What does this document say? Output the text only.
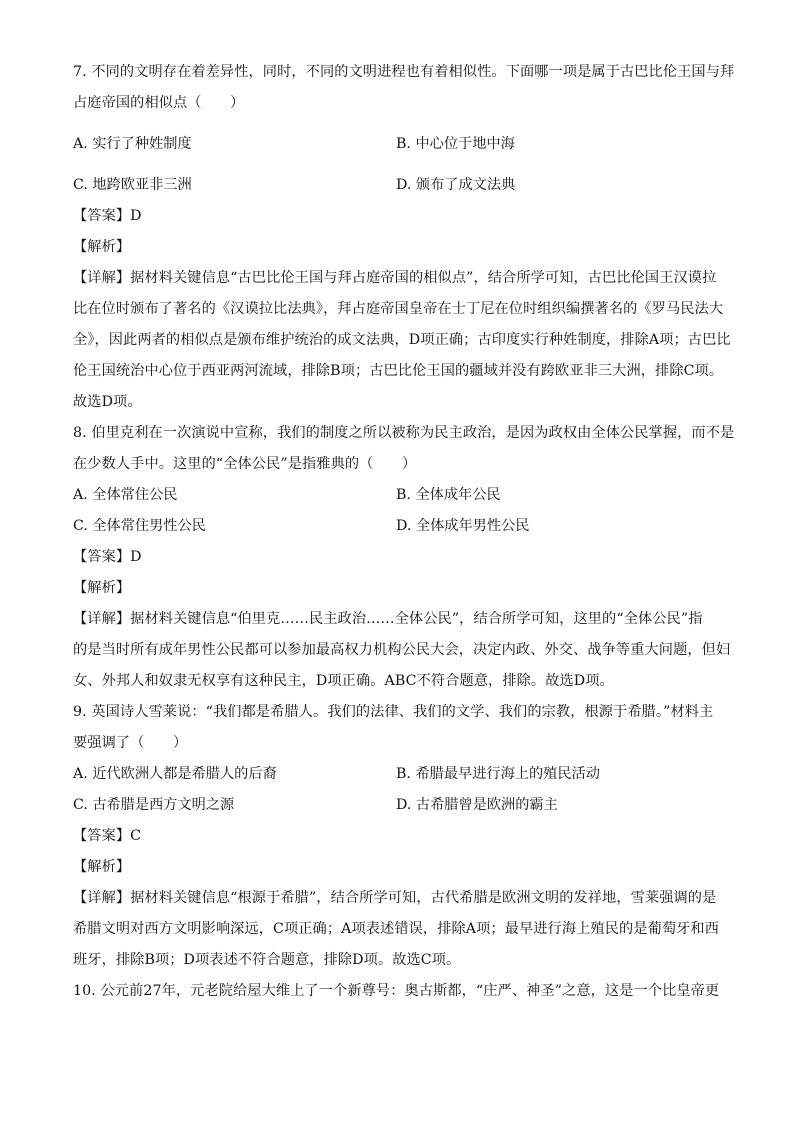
7. 不同的文明存在着差异性，同时，不同的文明进程也有着相似性。下面哪一项是属于古巴比伦王国与拜
占庭帝国的相似点（　　）
A. 实行了种姓制度	B. 中心位于地中海
C. 地跨欧亚非三洲	D. 颁布了成文法典
【答案】D
【解析】
【详解】据材料关键信息“古巴比伦王国与拜占庭帝国的相似点”，结合所学可知，古巴比伦国王汉谟拉
比在位时颁布了著名的《汉谟拉比法典》，拜占庭帝国皇帝在士丁尼在位时组织编撰著名的《罗马民法大
全》，因此两者的相似点是颁布维护统治的成文法典，D项正确；古印度实行种姓制度，排除A项；古巴比
伦王国统治中心位于西亚两河流域，排除B项；古巴比伦王国的疆域并没有跨欧亚非三大洲，排除C项。
故选D项。
8. 伯里克利在一次演说中宣称，我们的制度之所以被称为民主政治，是因为政权由全体公民掌握，而不是
在少数人手中。这里的“全体公民”是指雅典的（　　）
A. 全体常住公民	B. 全体成年公民
C. 全体常住男性公民	D. 全体成年男性公民
【答案】D
【解析】
【详解】据材料关键信息“伯里克……民主政治……全体公民”，结合所学可知，这里的“全体公民”指
的是当时所有成年男性公民都可以参加最高权力机构公民大会，决定内政、外交、战争等重大问题，但妇
女、外邦人和奴隶无权享有这种民主，D项正确。ABC不符合题意，排除。故选D项。
9. 英国诗人雪莱说：“我们都是希腊人。我们的法律、我们的文学、我们的宗教，根源于希腊。”材料主
要强调了（　　）
A. 近代欧洲人都是希腊人的后裔	B. 希腊最早进行海上的殖民活动
C. 古希腊是西方文明之源	D. 古希腊曾是欧洲的霸主
【答案】C
【解析】
【详解】据材料关键信息“根源于希腊”，结合所学可知，古代希腊是欧洲文明的发祥地，雪莱强调的是
希腊文明对西方文明影响深远，C项正确；A项表述错误，排除A项；最早进行海上殖民的是葡萄牙和西
班牙，排除B项；D项表述不符合题意，排除D项。故选C项。
10. 公元前27年，元老院给屋大维上了一个新尊号：奥古斯都，“庄严、神圣”之意，这是一个比皇帝更
